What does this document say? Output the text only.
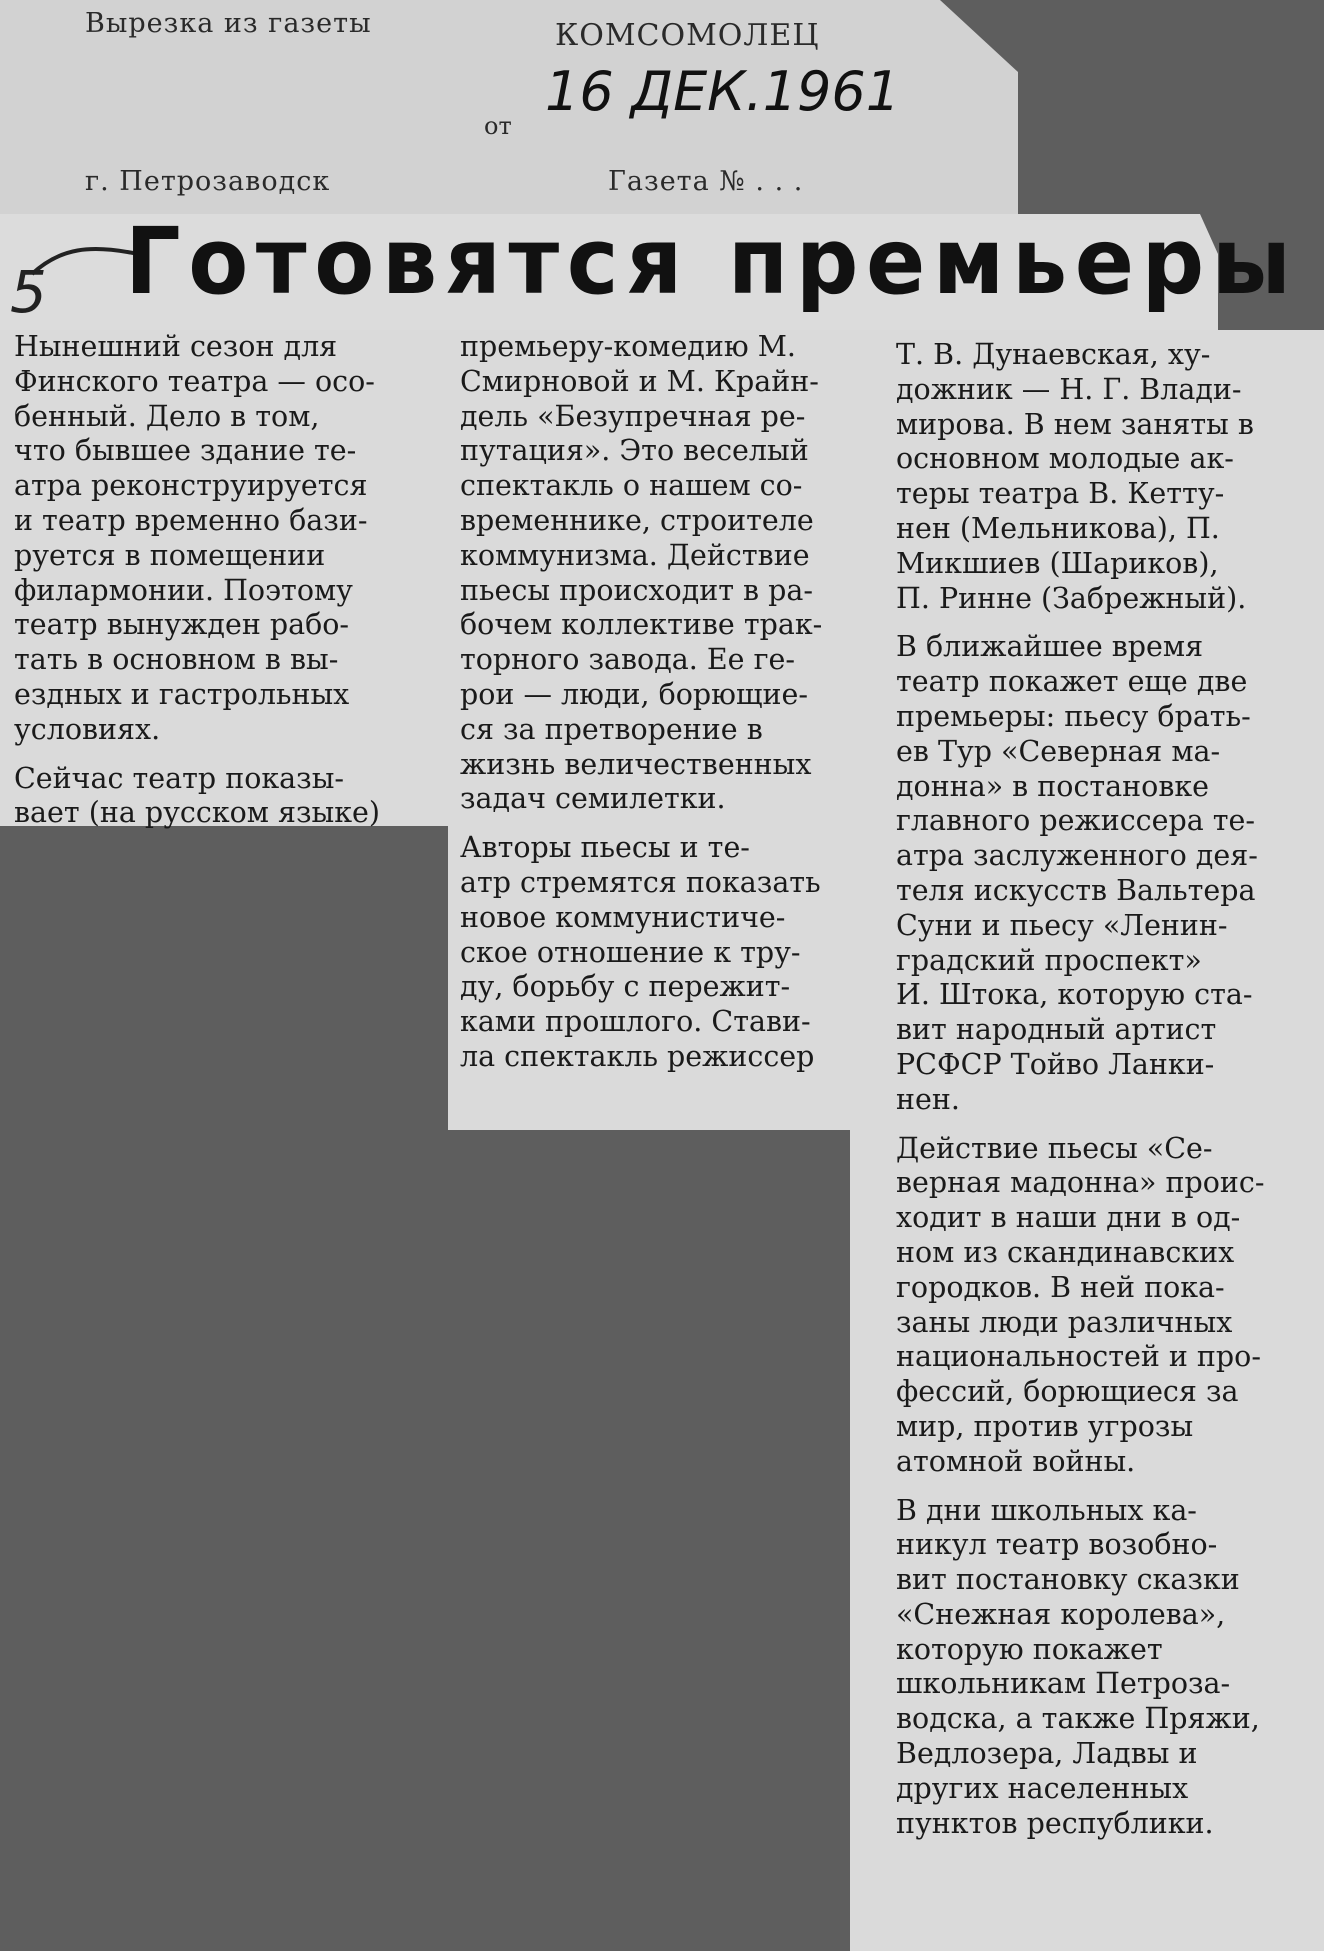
Вырезка из газеты	КОМСОМОЛЕЦ
от
16 ДЕК.1961
г. Петрозаводск	Газета № . . .
5 Готовятся премьеры

Нынешний сезон для

Финского театра — осо-

бенный. Дело в том,

что бывшее здание те-

атра реконструируется

и театр временно бази-

руется в помещении

филармонии. Поэтому

театр вынужден рабо-

тать в основном в вы-

ездных и гастрольных

условиях.

Сейчас театр показы-

вает (на русском языке)

премьеру-комедию М.

Смирновой и М. Крайн-

дель «Безупречная ре-

путация». Это веселый

спектакль о нашем со-

временнике, строителе

коммунизма. Действие

пьесы происходит в ра-

бочем коллективе трак-

торного завода. Ее ге-

рои — люди, борющие-

ся за претворение в

жизнь величественных

задач семилетки.

Авторы пьесы и те-

атр стремятся показать

новое коммунистиче-

ское отношение к тру-

ду, борьбу с пережит-

ками прошлого. Стави-

ла спектакль режиссер

Т. В. Дунаевская, ху-

дожник — Н. Г. Влади-

мирова. В нем заняты в

основном молодые ак-

теры театра В. Кетту-

нен (Мельникова), П.

Микшиев (Шариков),

П. Ринне (Забрежный).

В ближайшее время

театр покажет еще две

премьеры: пьесу брать-

ев Тур «Северная ма-

донна» в постановке

главного режиссера те-

атра заслуженного дея-

теля искусств Вальтера

Суни и пьесу «Ленин-

градский проспект»

И. Штока, которую ста-

вит народный артист

РСФСР Тойво Ланки-

нен.

Действие пьесы «Се-

верная мадонна» проис-

ходит в наши дни в од-

ном из скандинавских

городков. В ней пока-

заны люди различных

национальностей и про-

фессий, борющиеся за

мир, против угрозы

атомной войны.

В дни школьных ка-

никул театр возобно-

вит постановку сказки

«Снежная королева»,

которую покажет

школьникам Петроза-

водска, а также Пряжи,

Ведлозера, Ладвы и

других населенных

пунктов республики.
